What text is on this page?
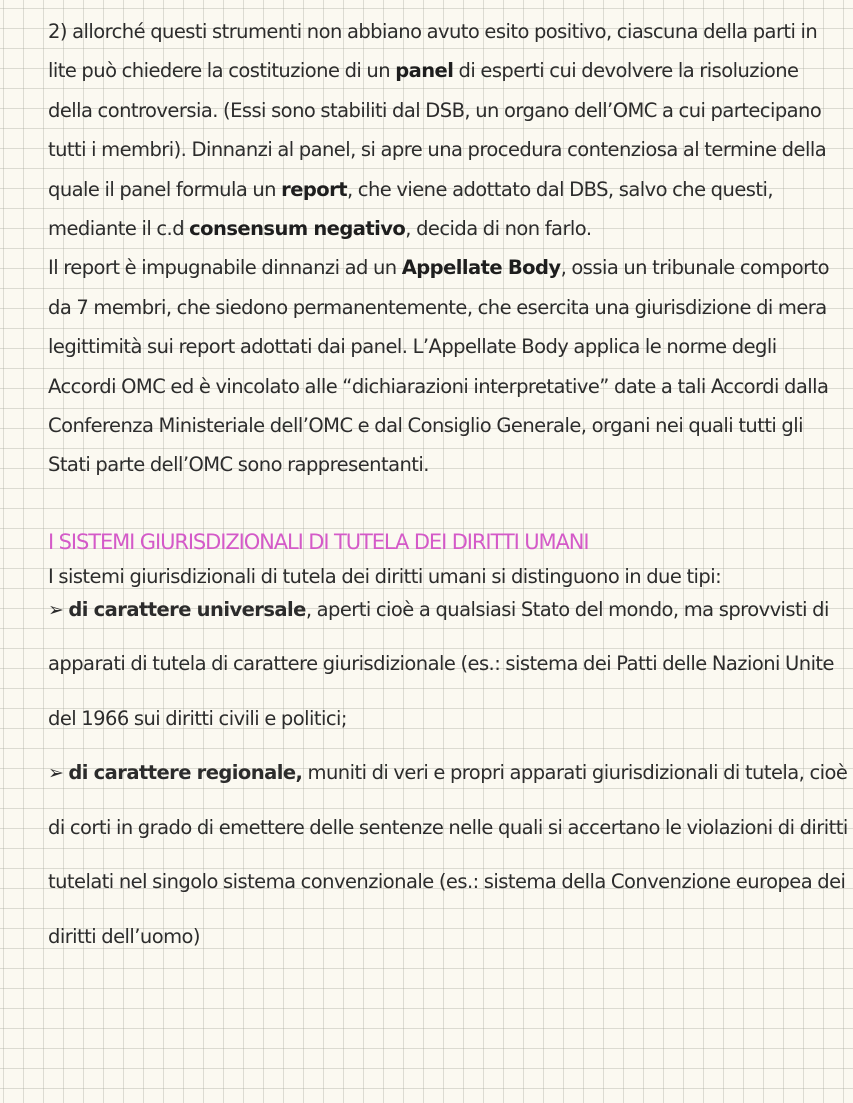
2) allorché questi strumenti non abbiano avuto esito positivo, ciascuna della parti in lite può chiedere la costituzione di un panel di esperti cui devolvere la risoluzione della controversia. (Essi sono stabiliti dal DSB, un organo dell’OMC a cui partecipano tutti i membri). Dinnanzi al panel, si apre una procedura contenziosa al termine della quale il panel formula un report, che viene adottato dal DBS, salvo che questi, mediante il c.d consensum negativo, decida di non farlo.

Il report è impugnabile dinnanzi ad un Appellate Body, ossia un tribunale comporto da 7 membri, che siedono permanentemente, che esercita una giurisdizione di mera legittimità sui report adottati dai panel. L’Appellate Body applica le norme degli Accordi OMC ed è vincolato alle “dichiarazioni interpretative” date a tali Accordi dalla Conferenza Ministeriale dell’OMC e dal Consiglio Generale, organi nei quali tutti gli Stati parte dell’OMC sono rappresentanti.

I SISTEMI GIURISDIZIONALI DI TUTELA DEI DIRITTI UMANI

I sistemi giurisdizionali di tutela dei diritti umani si distinguono in due tipi:

➢ di carattere universale, aperti cioè a qualsiasi Stato del mondo, ma sprovvisti di apparati di tutela di carattere giurisdizionale (es.: sistema dei Patti delle Nazioni Unite del 1966 sui diritti civili e politici;

➢ di carattere regionale, muniti di veri e propri apparati giurisdizionali di tutela, cioè di corti in grado di emettere delle sentenze nelle quali si accertano le violazioni di diritti tutelati nel singolo sistema convenzionale (es.: sistema della Convenzione europea dei diritti dell’uomo)
